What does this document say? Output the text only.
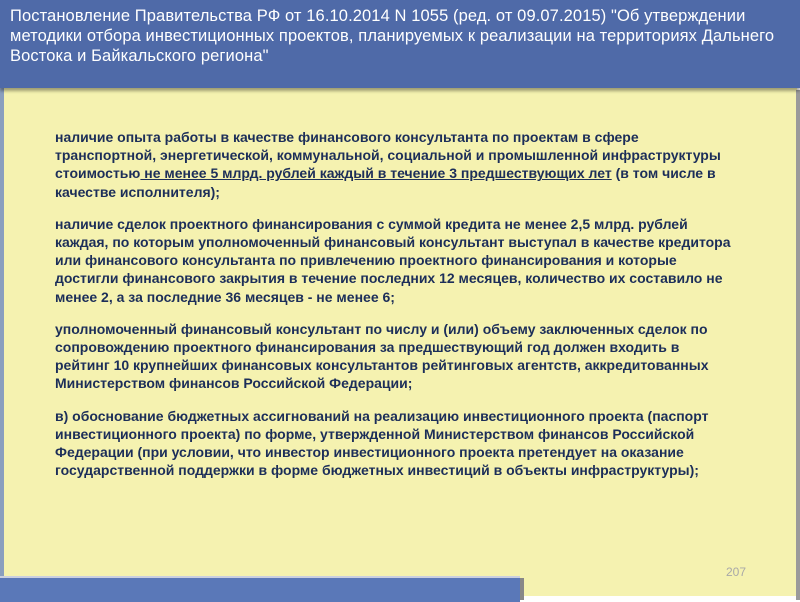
Постановление Правительства РФ от 16.10.2014 N 1055 (ред. от 09.07.2015) "Об утверждении методики отбора инвестиционных проектов, планируемых к реализации на территориях Дальнего Востока и Байкальского региона"

наличие опыта работы в качестве финансового консультанта по проектам в сфере транспортной, энергетической, коммунальной, социальной и промышленной инфраструктуры стоимостью не менее 5 млрд. рублей каждый в течение 3 предшествующих лет (в том числе в качестве исполнителя);

наличие сделок проектного финансирования с суммой кредита не менее 2,5 млрд. рублей каждая, по которым уполномоченный финансовый консультант выступал в качестве кредитора или финансового консультанта по привлечению проектного финансирования и которые достигли финансового закрытия в течение последних 12 месяцев, количество их составило не менее 2, а за последние 36 месяцев - не менее 6;

уполномоченный финансовый консультант по числу и (или) объему заключенных сделок по сопровождению проектного финансирования за предшествующий год должен входить в рейтинг 10 крупнейших финансовых консультантов рейтинговых агентств, аккредитованных Министерством финансов Российской Федерации;

в) обоснование бюджетных ассигнований на реализацию инвестиционного проекта (паспорт инвестиционного проекта) по форме, утвержденной Министерством финансов Российской Федерации (при условии, что инвестор инвестиционного проекта претендует на оказание государственной поддержки в форме бюджетных инвестиций в объекты инфраструктуры);

207
